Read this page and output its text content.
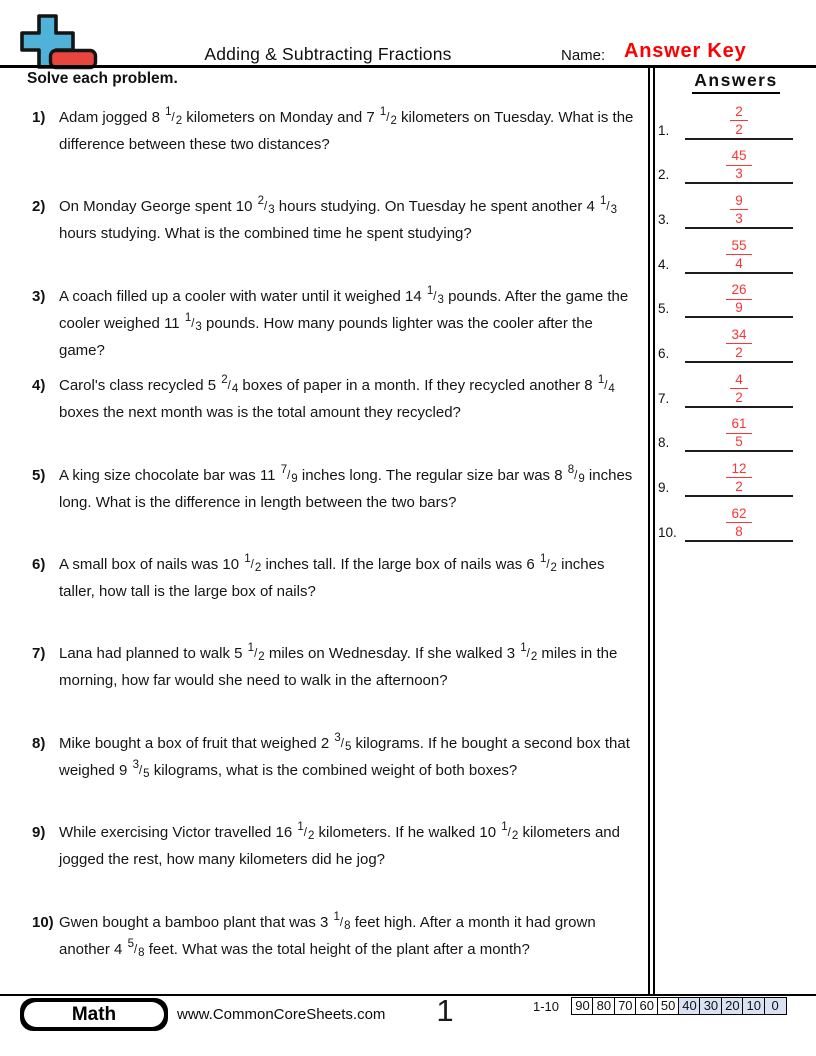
Adding & Subtracting Fractions	Name: Answer Key
Solve each problem.
1) Adam jogged 8 $^1$/2 kilometers on Monday and 7 $^1$/2 kilometers on Tuesday. What is the difference between these two distances?
2) On Monday George spent 10 $^2$/3 hours studying. On Tuesday he spent another 4 $^1$/3 hours studying. What is the combined time he spent studying?
3) A coach filled up a cooler with water until it weighed 14 $^1$/3 pounds. After the game the cooler weighed 11 $^1$/3 pounds. How many pounds lighter was the cooler after the game?
4) Carol's class recycled 5 $^2$/4 boxes of paper in a month. If they recycled another 8 $^1$/4 boxes the next month was is the total amount they recycled?
5) A king size chocolate bar was 11 $^7$/9 inches long. The regular size bar was 8 $^8$/9 inches long. What is the difference in length between the two bars?
6) A small box of nails was 10 $^1$/2 inches tall. If the large box of nails was 6 $^1$/2 inches taller, how tall is the large box of nails?
7) Lana had planned to walk 5 $^1$/2 miles on Wednesday. If she walked 3 $^1$/2 miles in the morning, how far would she need to walk in the afternoon?
8) Mike bought a box of fruit that weighed 2 $^3$/5 kilograms. If he bought a second box that weighed 9 $^3$/5 kilograms, what is the combined weight of both boxes?
9) While exercising Victor travelled 16 $^1$/2 kilometers. If he walked 10 $^1$/2 kilometers and jogged the rest, how many kilometers did he jog?
10) Gwen bought a bamboo plant that was 3 $^1$/8 feet high. After a month it had grown another 4 $^5$/8 feet. What was the total height of the plant after a month?
Answers
1.	$\frac{2}{2}$
2.	$\frac{45}{3}$
3.	$\frac{9}{3}$
4.	$\frac{55}{4}$
5.	$\frac{26}{9}$
6.	$\frac{34}{2}$
7.	$\frac{4}{2}$
8.	$\frac{61}{5}$
9.	$\frac{12}{2}$
10.	$\frac{62}{8}$
Math	www.CommonCoreSheets.com	1	1-10	90 80 70 60 50 40 30 20 10 0
